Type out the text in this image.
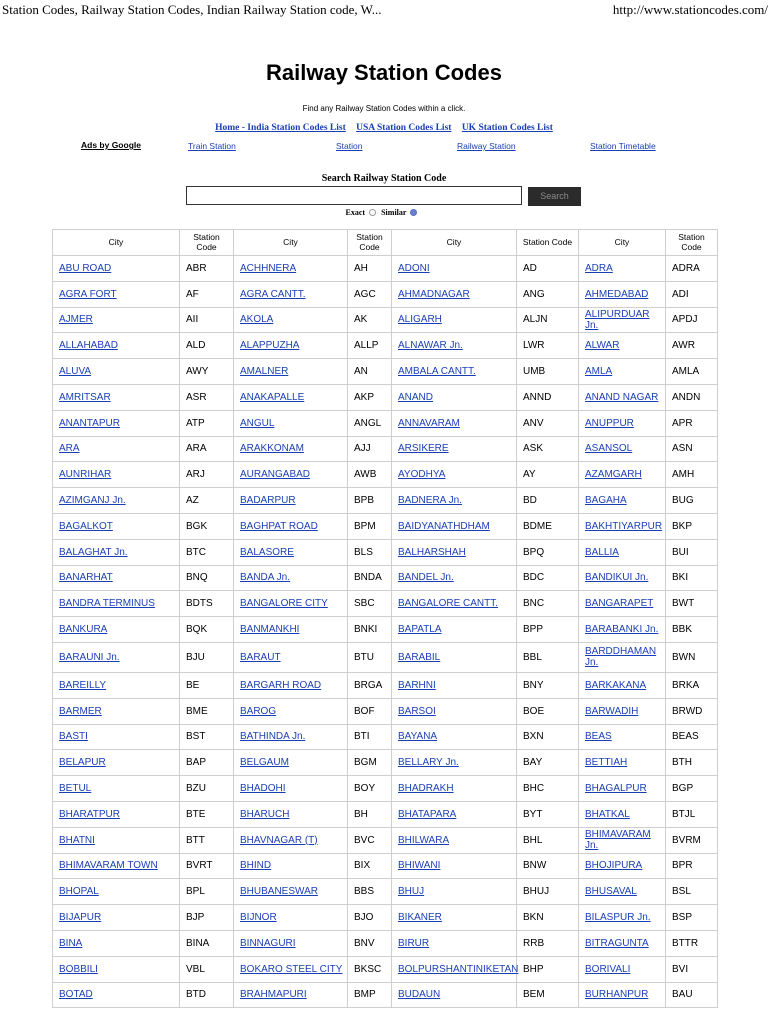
Station Codes, Railway Station Codes, Indian Railway Station code, W...	http://www.stationcodes.com/
Railway Station Codes
Find any Railway Station Codes within a click.
Home - India Station Codes List USA Station Codes List UK Station Codes List
Ads by Google	Train Station	Station	Railway Station	Station Timetable
Search Railway Station Code
Search
Exact Similar
City	Station Code	City	Station Code	City	Station Code	City	Station Code
ABU ROAD	ABR	ACHHNERA	AH	ADONI	AD	ADRA	ADRA
AGRA FORT	AF	AGRA CANTT.	AGC	AHMADNAGAR	ANG	AHMEDABAD	ADI
AJMER	AII	AKOLA	AK	ALIGARH	ALJN	ALIPURDUAR Jn.	APDJ
ALLAHABAD	ALD	ALAPPUZHA	ALLP	ALNAWAR Jn.	LWR	ALWAR	AWR
ALUVA	AWY	AMALNER	AN	AMBALA CANTT.	UMB	AMLA	AMLA
AMRITSAR	ASR	ANAKAPALLE	AKP	ANAND	ANND	ANAND NAGAR	ANDN
ANANTAPUR	ATP	ANGUL	ANGL	ANNAVARAM	ANV	ANUPPUR	APR
ARA	ARA	ARAKKONAM	AJJ	ARSIKERE	ASK	ASANSOL	ASN
AUNRIHAR	ARJ	AURANGABAD	AWB	AYODHYA	AY	AZAMGARH	AMH
AZIMGANJ Jn.	AZ	BADARPUR	BPB	BADNERA Jn.	BD	BAGAHA	BUG
BAGALKOT	BGK	BAGHPAT ROAD	BPM	BAIDYANATHDHAM	BDME	BAKHTIYARPUR	BKP
BALAGHAT Jn.	BTC	BALASORE	BLS	BALHARSHAH	BPQ	BALLIA	BUI
BANARHAT	BNQ	BANDA Jn.	BNDA	BANDEL Jn.	BDC	BANDIKUI Jn.	BKI
BANDRA TERMINUS	BDTS	BANGALORE CITY	SBC	BANGALORE CANTT.	BNC	BANGARAPET	BWT
BANKURA	BQK	BANMANKHI	BNKI	BAPATLA	BPP	BARABANKI Jn.	BBK
BARAUNI Jn.	BJU	BARAUT	BTU	BARABIL	BBL	BARDDHAMAN Jn.	BWN
BAREILLY	BE	BARGARH ROAD	BRGA	BARHNI	BNY	BARKAKANA	BRKA
BARMER	BME	BAROG	BOF	BARSOI	BOE	BARWADIH	BRWD
BASTI	BST	BATHINDA Jn.	BTI	BAYANA	BXN	BEAS	BEAS
BELAPUR	BAP	BELGAUM	BGM	BELLARY Jn.	BAY	BETTIAH	BTH
BETUL	BZU	BHADOHI	BOY	BHADRAKH	BHC	BHAGALPUR	BGP
BHARATPUR	BTE	BHARUCH	BH	BHATAPARA	BYT	BHATKAL	BTJL
BHATNI	BTT	BHAVNAGAR (T)	BVC	BHILWARA	BHL	BHIMAVARAM Jn.	BVRM
BHIMAVARAM TOWN	BVRT	BHIND	BIX	BHIWANI	BNW	BHOJIPURA	BPR
BHOPAL	BPL	BHUBANESWAR	BBS	BHUJ	BHUJ	BHUSAVAL	BSL
BIJAPUR	BJP	BIJNOR	BJO	BIKANER	BKN	BILASPUR Jn.	BSP
BINA	BINA	BINNAGURI	BNV	BIRUR	RRB	BITRAGUNTA	BTTR
BOBBILI	VBL	BOKARO STEEL CITY	BKSC	BOLPURSHANTINIKETAN	BHP	BORIVALI	BVI
BOTAD	BTD	BRAHMAPURI	BMP	BUDAUN	BEM	BURHANPUR	BAU
